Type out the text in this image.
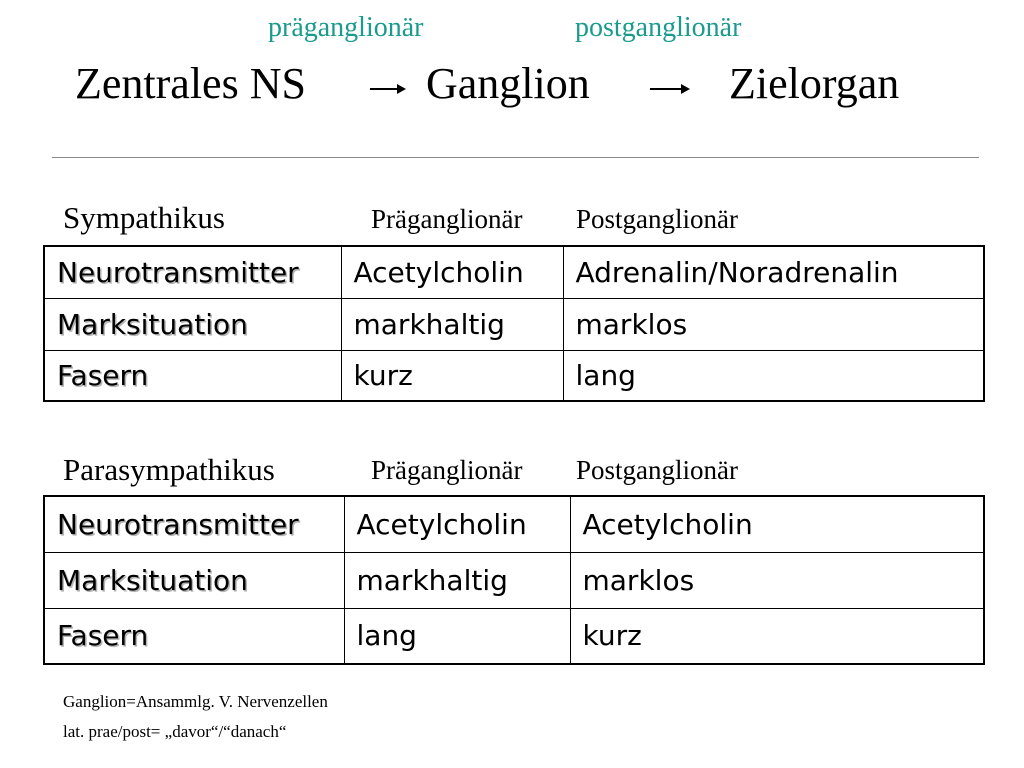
präganglionär	postganglionär
Zentrales NS	Ganglion	Zielorgan
Sympathikus	Präganglionär Postganglionär
Neurotransmitter	Acetylcholin	Adrenalin/Noradrenalin
Marksituation	markhaltig	marklos
Fasern	kurz	lang
Parasympathikus	Präganglionär Postganglionär
Neurotransmitter	Acetylcholin	Acetylcholin
Marksituation	markhaltig	marklos
Fasern	lang	kurz
Ganglion=Ansammlg. V. Nervenzellen
lat. prae/post= „davor“/“danach“
